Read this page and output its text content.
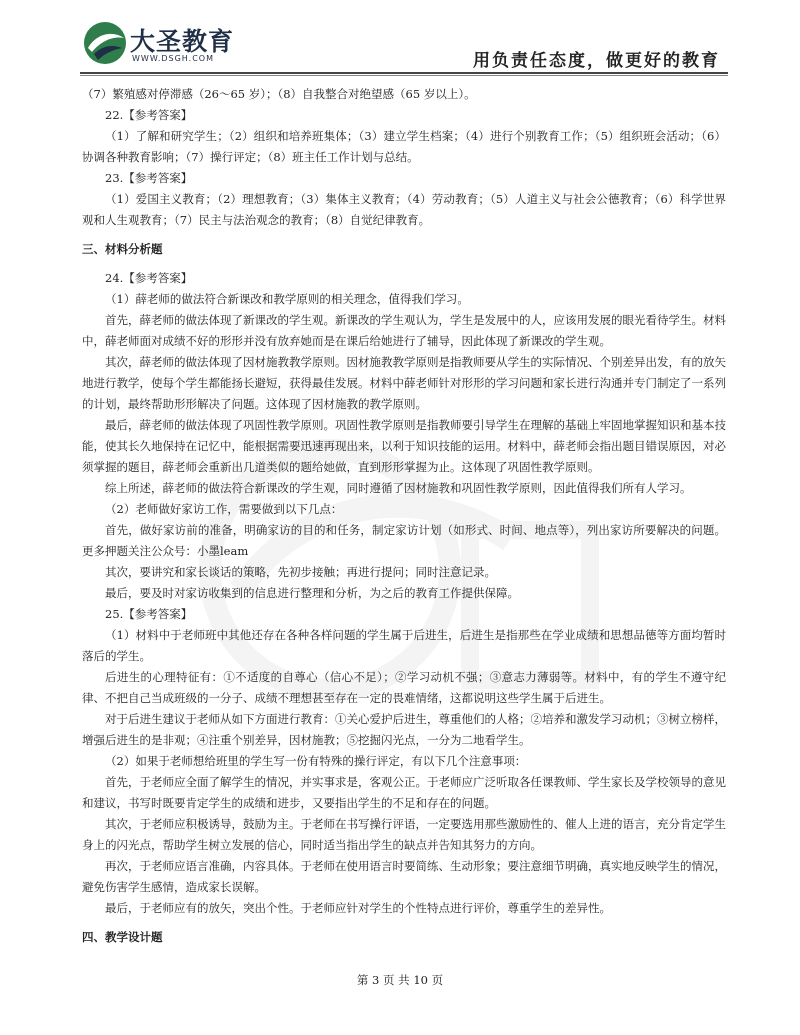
大圣教育
WWW.DSGH.COM	用负责任态度，做更好的教育

（7）繁殖感对停滞感（26～65 岁）；（8）自我整合对绝望感（65 岁以上）。

22.【参考答案】

（1）了解和研究学生；（2）组织和培养班集体；（3）建立学生档案；（4）进行个别教育工作；（5）组织班会活动；（6）协调各种教育影响；（7）操行评定；（8）班主任工作计划与总结。

23.【参考答案】

（1）爱国主义教育；（2）理想教育；（3）集体主义教育；（4）劳动教育；（5）人道主义与社会公德教育；（6）科学世界观和人生观教育；（7）民主与法治观念的教育；（8）自觉纪律教育。

三、材料分析题

24.【参考答案】

（1）薛老师的做法符合新课改和教学原则的相关理念，值得我们学习。

首先，薛老师的做法体现了新课改的学生观。新课改的学生观认为，学生是发展中的人，应该用发展的眼光看待学生。材料中，薛老师面对成绩不好的形形并没有放弃她而是在课后给她进行了辅导，因此体现了新课改的学生观。

其次，薛老师的做法体现了因材施教教学原则。因材施教教学原则是指教师要从学生的实际情况、个别差异出发，有的放矢地进行教学，使每个学生都能扬长避短，获得最佳发展。材料中薛老师针对形形的学习问题和家长进行沟通并专门制定了一系列的计划，最终帮助形形解决了问题。这体现了因材施教的教学原则。

最后，薛老师的做法体现了巩固性教学原则。巩固性教学原则是指教师要引导学生在理解的基础上牢固地掌握知识和基本技能，使其长久地保持在记忆中，能根据需要迅速再现出来，以利于知识技能的运用。材料中，薛老师会指出题目错误原因，对必须掌握的题目，薛老师会重新出几道类似的题给她做，直到形形掌握为止。这体现了巩固性教学原则。

综上所述，薛老师的做法符合新课改的学生观，同时遵循了因材施教和巩固性教学原则，因此值得我们所有人学习。

（2）老师做好家访工作，需要做到以下几点：

首先，做好家访前的准备，明确家访的目的和任务，制定家访计划（如形式、时间、地点等），列出家访所要解决的问题。 更多押题关注公众号：小墨leam

其次，要讲究和家长谈话的策略，先初步接触；再进行提问；同时注意记录。

最后，要及时对家访收集到的信息进行整理和分析，为之后的教育工作提供保障。

25.【参考答案】

（1）材料中于老师班中其他还存在各种各样问题的学生属于后进生，后进生是指那些在学业成绩和思想品德等方面均暂时落后的学生。

后进生的心理特征有：①不适度的自尊心（信心不足）；②学习动机不强；③意志力薄弱等。材料中，有的学生不遵守纪律、不把自己当成班级的一分子、成绩不理想甚至存在一定的畏难情绪，这都说明这些学生属于后进生。

对于后进生建议于老师从如下方面进行教育：①关心爱护后进生，尊重他们的人格；②培养和激发学习动机；③树立榜样，增强后进生的是非观；④注重个别差异，因材施教；⑤挖掘闪光点，一分为二地看学生。

（2）如果于老师想给班里的学生写一份有特殊的操行评定，有以下几个注意事项：

首先，于老师应全面了解学生的情况，并实事求是，客观公正。于老师应广泛听取各任课教师、学生家长及学校领导的意见和建议，书写时既要肯定学生的成绩和进步，又要指出学生的不足和存在的问题。

其次，于老师应积极诱导，鼓励为主。于老师在书写操行评语，一定要选用那些激励性的、催人上进的语言，充分肯定学生身上的闪光点，帮助学生树立发展的信心，同时适当指出学生的缺点并告知其努力的方向。

再次，于老师应语言准确，内容具体。于老师在使用语言时要简练、生动形象；要注意细节明确，真实地反映学生的情况，避免伤害学生感情，造成家长误解。

最后，于老师应有的放矢，突出个性。于老师应针对学生的个性特点进行评价，尊重学生的差异性。

四、教学设计题

第 3 页 共 10 页
